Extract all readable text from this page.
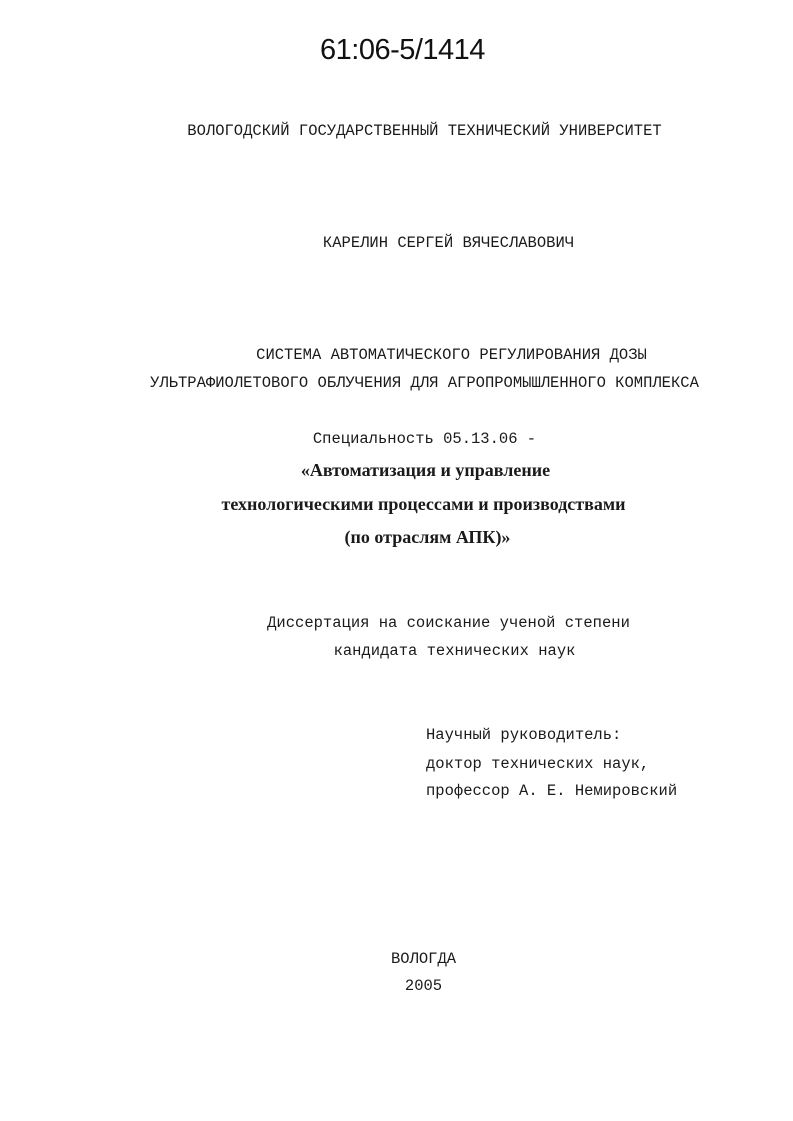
61:06-5/1414
ВОЛОГОДСКИЙ ГОСУДАРСТВЕННЫЙ ТЕХНИЧЕСКИЙ УНИВЕРСИТЕТ
КАРЕЛИН СЕРГЕЙ ВЯЧЕСЛАВОВИЧ
СИСТЕМА АВТОМАТИЧЕСКОГО РЕГУЛИРОВАНИЯ ДОЗЫ
УЛЬТРАФИОЛЕТОВОГО ОБЛУЧЕНИЯ ДЛЯ АГРОПРОМЫШЛЕННОГО КОМПЛЕКСА
Специальность 05.13.06 -
«Автоматизация и управление
технологическими процессами и производствами
(по отраслям АПК)»
Диссертация на соискание ученой степени
кандидата технических наук
Научный руководитель:
доктор технических наук,
профессор А. Е. Немировский
ВОЛОГДА
2005
